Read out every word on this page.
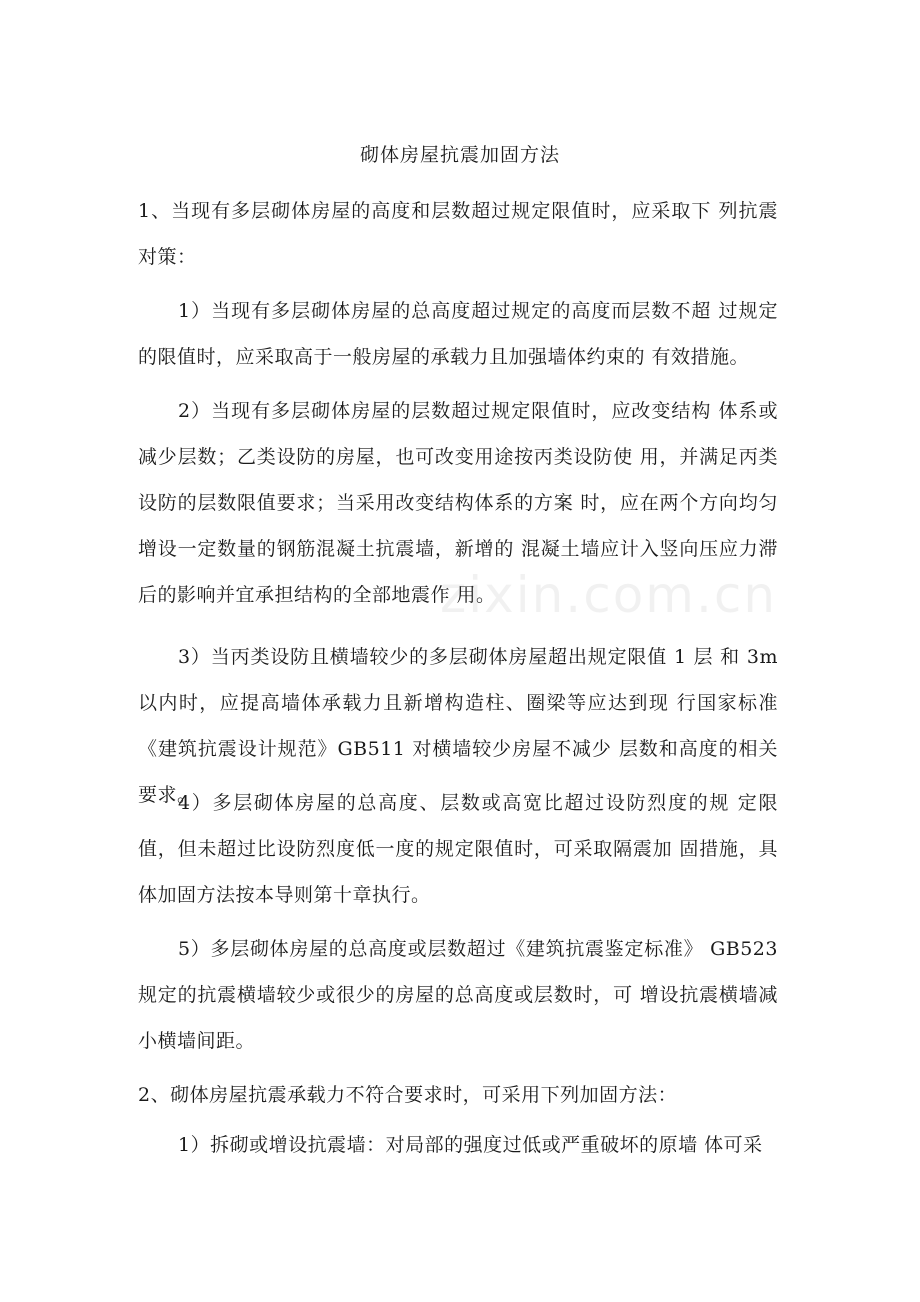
zixin.com.cn
砌体房屋抗震加固方法

1、当现有多层砌体房屋的高度和层数超过规定限值时，应采取下 列抗震对策：

1）当现有多层砌体房屋的总高度超过规定的高度而层数不超 过规定的限值时，应采取高于一般房屋的承载力且加强墙体约束的 有效措施。

2）当现有多层砌体房屋的层数超过规定限值时，应改变结构 体系或减少层数；乙类设防的房屋，也可改变用途按丙类设防使 用，并满足丙类设防的层数限值要求；当采用改变结构体系的方案 时，应在两个方向均匀增设一定数量的钢筋混凝土抗震墙，新增的 混凝土墙应计入竖向压应力滞后的影响并宜承担结构的全部地震作 用。

3）当丙类设防且横墙较少的多层砌体房屋超出规定限值 1 层 和 3m 以内时，应提高墙体承载力且新增构造柱、圈梁等应达到现 行国家标准《建筑抗震设计规范》GB511 对横墙较少房屋不减少 层数和高度的相关要求。

4）多层砌体房屋的总高度、层数或高宽比超过设防烈度的规 定限值，但未超过比设防烈度低一度的规定限值时，可采取隔震加 固措施，具体加固方法按本导则第十章执行。

5）多层砌体房屋的总高度或层数超过《建筑抗震鉴定标准》 GB523 规定的抗震横墙较少或很少的房屋的总高度或层数时，可 增设抗震横墙减小横墙间距。

2、砌体房屋抗震承载力不符合要求时，可采用下列加固方法：

1）拆砌或增设抗震墙：对局部的强度过低或严重破坏的原墙 体可采
